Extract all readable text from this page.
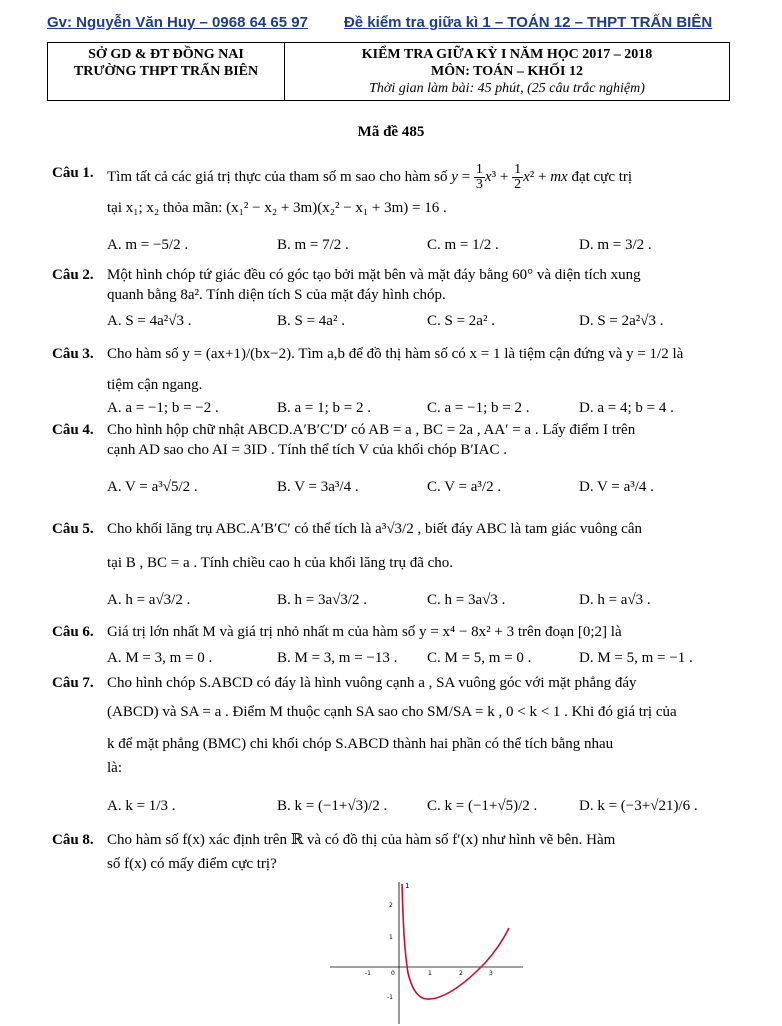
Gv: Nguyễn Văn Huy – 0968 64 65 97 Đề kiểm tra giữa kì 1 – TOÁN 12 – THPT TRẤN BIÊN
SỞ GD & ĐT ĐỒNG NAI
TRƯỜNG THPT TRẤN BIÊN

KIỂM TRA GIỮA KỲ I NĂM HỌC 2017 – 2018
MÔN: TOÁN – KHỐI 12
Thời gian làm bài: 45 phút, (25 câu trắc nghiệm)
Mã đề 485
Câu 1. Tìm tất cả các giá trị thực của tham số m sao cho hàm số $y = \frac{1}{3} x^3 + \frac{1}{2} x^2$ + mx đạt cực trị
tại x₁; x₂ thỏa mãn: (x₁² − x₂ + 3m)(x₂² − x₁ + 3m) = 16 .
A. m = −5/2 .	B. m = 7/2 .	C. m = 1/2 .	D. m = 3/2 .
Câu 2. Một hình chóp tứ giác đều có góc tạo bởi mặt bên và mặt đáy bằng 60° và diện tích xung
quanh bằng 8a². Tính diện tích S của mặt đáy hình chóp.
A. S = 4a²√3 .	B. S = 4a² .	C. S = 2a² .	D. S = 2a²√3 .
Câu 3. Cho hàm số y = (ax+1)/(bx−2). Tìm a,b để đồ thị hàm số có x = 1 là tiệm cận đứng và y = 1/2 là
tiệm cận ngang.
A. a = −1; b = −2 .	B. a = 1; b = 2 .	C. a = −1; b = 2 .	D. a = 4; b = 4 .
Câu 4. Cho hình hộp chữ nhật ABCD.A′B′C′D′ có AB = a , BC = 2a , AA′ = a . Lấy điểm I trên
cạnh AD sao cho AI = 3ID . Tính thể tích V của khối chóp B′IAC .
A. V = a³√5/2 .	B. V = 3a³/4 .	C. V = a³/2 .	D. V = a³/4 .
Câu 5. Cho khối lăng trụ ABC.A′B′C′ có thể tích là a³√3/2 , biết đáy ABC là tam giác vuông cân
tại B , BC = a . Tính chiều cao h của khối lăng trụ đã cho.
A. h = a√3/2 .	B. h = 3a√3/2 .	C. h = 3a√3 .	D. h = a√3 .
Câu 6. Giá trị lớn nhất M và giá trị nhỏ nhất m của hàm số y = x⁴ − 8x² + 3 trên đoạn [0;2] là
A. M = 3, m = 0 .	B. M = 3, m = −13 . C. M = 5, m = 0 .	D. M = 5, m = −1 .
Câu 7. Cho hình chóp S.ABCD có đáy là hình vuông cạnh a , SA vuông góc với mặt phẳng đáy
(ABCD) và SA = a . Điểm M thuộc cạnh SA sao cho SM/SA = k , 0 < k < 1 . Khi đó giá trị của
k để mặt phẳng (BMC) chi khối chóp S.ABCD thành hai phần có thể tích bằng nhau
là:
A. k = 1/3 .	B. k = (−1+√3)/2 .	C. k = (−1+√5)/2 .	D. k = (−3+√21)/6 .
Câu 8. Cho hàm số f(x) xác định trên ℝ và có đồ thị của hàm số f′(x) như hình vẽ bên. Hàm
số f(x) có mấy điểm cực trị?
1
-1	0	1	2	3
2
1
-1
